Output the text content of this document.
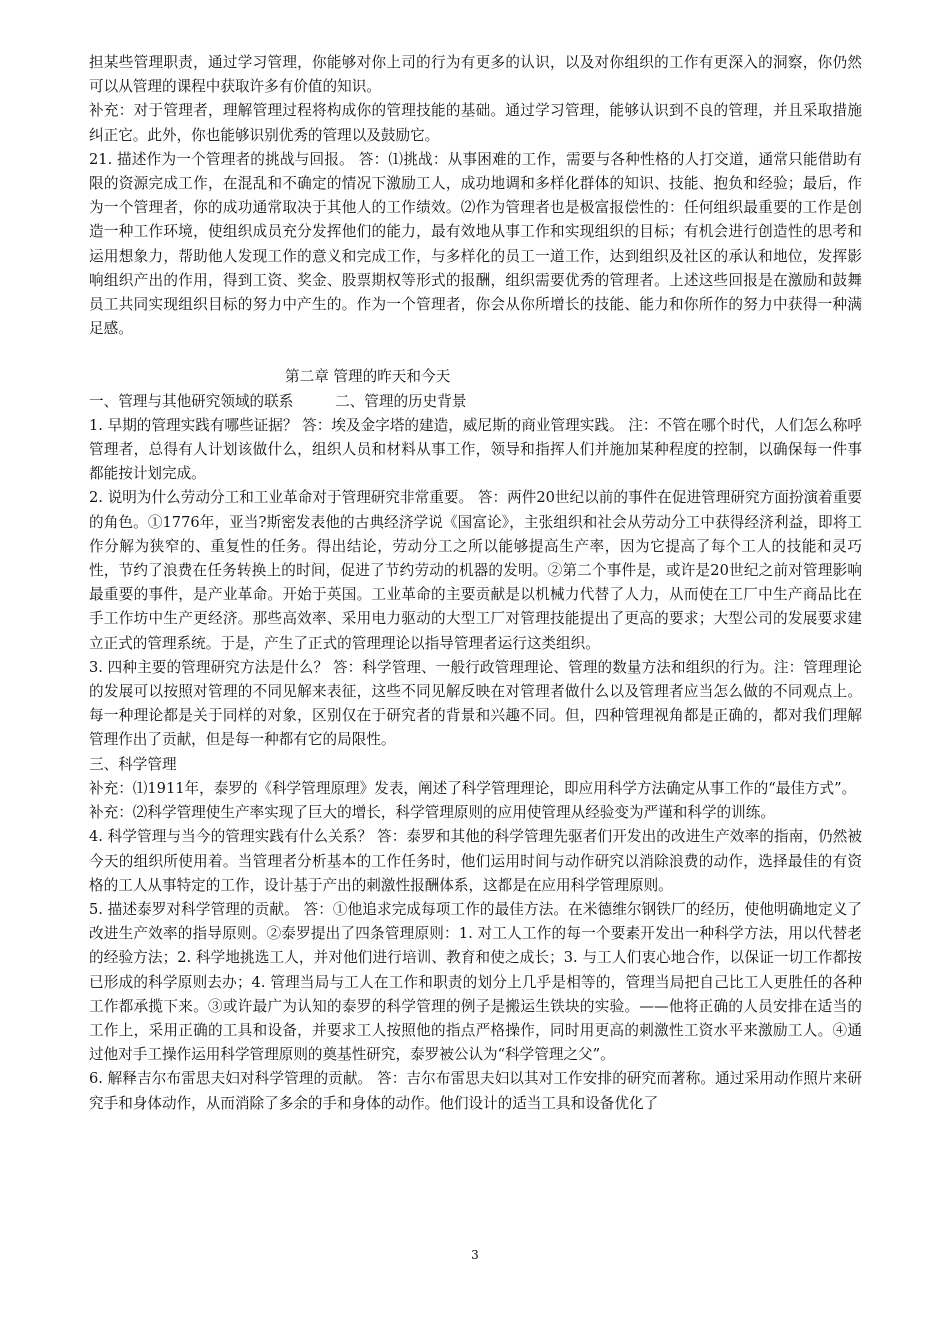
担某些管理职责，通过学习管理，你能够对你上司的行为有更多的认识，以及对你组织的工作有更深入的洞察，你仍然可以从管理的课程中获取许多有价值的知识。

补充：对于管理者，理解管理过程将构成你的管理技能的基础。通过学习管理，能够认识到不良的管理，并且采取措施纠正它。此外，你也能够识别优秀的管理以及鼓励它。

21. 描述作为一个管理者的挑战与回报。 答：⑴挑战：从事困难的工作，需要与各种性格的人打交道，通常只能借助有限的资源完成工作，在混乱和不确定的情况下激励工人，成功地调和多样化群体的知识、技能、抱负和经验；最后，作为一个管理者，你的成功通常取决于其他人的工作绩效。⑵作为管理者也是极富报偿性的：任何组织最重要的工作是创造一种工作环境，使组织成员充分发挥他们的能力，最有效地从事工作和实现组织的目标；有机会进行创造性的思考和运用想象力，帮助他人发现工作的意义和完成工作，与多样化的员工一道工作，达到组织及社区的承认和地位，发挥影响组织产出的作用，得到工资、奖金、股票期权等形式的报酬，组织需要优秀的管理者。上述这些回报是在激励和鼓舞员工共同实现组织目标的努力中产生的。作为一个管理者，你会从你所增长的技能、能力和你所作的努力中获得一种满足感。

第二章 管理的昨天和今天

一、管理与其他研究领域的联系         二、管理的历史背景

1. 早期的管理实践有哪些证据？ 答：埃及金字塔的建造，威尼斯的商业管理实践。 注：不管在哪个时代，人们怎么称呼管理者，总得有人计划该做什么，组织人员和材料从事工作，领导和指挥人们并施加某种程度的控制，以确保每一件事都能按计划完成。

2. 说明为什么劳动分工和工业革命对于管理研究非常重要。 答：两件20世纪以前的事件在促进管理研究方面扮演着重要的角色。①1776年，亚当?斯密发表他的古典经济学说《国富论》，主张组织和社会从劳动分工中获得经济利益，即将工作分解为狭窄的、重复性的任务。得出结论，劳动分工之所以能够提高生产率，因为它提高了每个工人的技能和灵巧性，节约了浪费在任务转换上的时间，促进了节约劳动的机器的发明。②第二个事件是，或许是20世纪之前对管理影响最重要的事件，是产业革命。开始于英国。工业革命的主要贡献是以机械力代替了人力，从而使在工厂中生产商品比在手工作坊中生产更经济。那些高效率、采用电力驱动的大型工厂对管理技能提出了更高的要求；大型公司的发展要求建立正式的管理系统。于是，产生了正式的管理理论以指导管理者运行这类组织。

3. 四种主要的管理研究方法是什么？ 答：科学管理、一般行政管理理论、管理的数量方法和组织的行为。注：管理理论的发展可以按照对管理的不同见解来表征，这些不同见解反映在对管理者做什么以及管理者应当怎么做的不同观点上。每一种理论都是关于同样的对象，区别仅在于研究者的背景和兴趣不同。但，四种管理视角都是正确的，都对我们理解管理作出了贡献，但是每一种都有它的局限性。

三、科学管理

补充：⑴1911年，泰罗的《科学管理原理》发表，阐述了科学管理理论，即应用科学方法确定从事工作的“最佳方式”。

补充：⑵科学管理使生产率实现了巨大的增长，科学管理原则的应用使管理从经验变为严谨和科学的训练。

4. 科学管理与当今的管理实践有什么关系？ 答：泰罗和其他的科学管理先驱者们开发出的改进生产效率的指南，仍然被今天的组织所使用着。当管理者分析基本的工作任务时，他们运用时间与动作研究以消除浪费的动作，选择最佳的有资格的工人从事特定的工作，设计基于产出的刺激性报酬体系，这都是在应用科学管理原则。

5. 描述泰罗对科学管理的贡献。 答：①他追求完成每项工作的最佳方法。在米德维尔钢铁厂的经历，使他明确地定义了改进生产效率的指导原则。②泰罗提出了四条管理原则：1. 对工人工作的每一个要素开发出一种科学方法，用以代替老的经验方法；2. 科学地挑选工人，并对他们进行培训、教育和使之成长；3. 与工人们衷心地合作，以保证一切工作都按已形成的科学原则去办；4. 管理当局与工人在工作和职责的划分上几乎是相等的，管理当局把自己比工人更胜任的各种工作都承揽下来。③或许最广为认知的泰罗的科学管理的例子是搬运生铁块的实验。——他将正确的人员安排在适当的工作上，采用正确的工具和设备，并要求工人按照他的指点严格操作，同时用更高的刺激性工资水平来激励工人。④通过他对手工操作运用科学管理原则的奠基性研究，泰罗被公认为“科学管理之父”。

6. 解释吉尔布雷思夫妇对科学管理的贡献。 答：吉尔布雷思夫妇以其对工作安排的研究而著称。通过采用动作照片来研究手和身体动作，从而消除了多余的手和身体的动作。他们设计的适当工具和设备优化了

3
